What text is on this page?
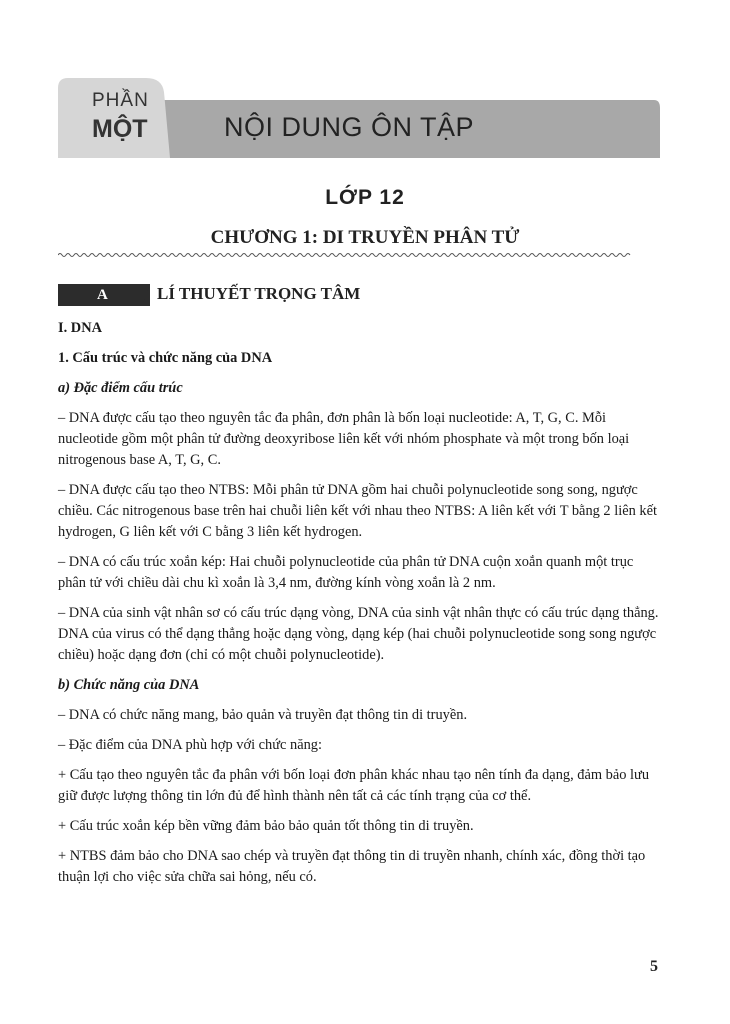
PHẦN
MỘT	NỘI DUNG ÔN TẬP
LỚP 12
CHƯƠNG 1: DI TRUYỀN PHÂN TỬ
A	LÍ THUYẾT TRỌNG TÂM

I. DNA

1. Cấu trúc và chức năng của DNA

a) Đặc điểm cấu trúc

– DNA được cấu tạo theo nguyên tắc đa phân, đơn phân là bốn loại nucleotide: A, T, G, C. Mỗi nucleotide gồm một phân tử đường deoxyribose liên kết với nhóm phosphate và một trong bốn loại nitrogenous base A, T, G, C.

– DNA được cấu tạo theo NTBS: Mỗi phân tử DNA gồm hai chuỗi polynucleotide song song, ngược chiều. Các nitrogenous base trên hai chuỗi liên kết với nhau theo NTBS: A liên kết với T bằng 2 liên kết hydrogen, G liên kết với C bằng 3 liên kết hydrogen.

– DNA có cấu trúc xoắn kép: Hai chuỗi polynucleotide của phân tử DNA cuộn xoắn quanh một trục phân tử với chiều dài chu kì xoắn là 3,4 nm, đường kính vòng xoắn là 2 nm.

– DNA của sinh vật nhân sơ có cấu trúc dạng vòng, DNA của sinh vật nhân thực có cấu trúc dạng thẳng. DNA của virus có thể dạng thẳng hoặc dạng vòng, dạng kép (hai chuỗi polynucleotide song song ngược chiều) hoặc dạng đơn (chỉ có một chuỗi polynucleotide).

b) Chức năng của DNA

– DNA có chức năng mang, bảo quản và truyền đạt thông tin di truyền.

– Đặc điểm của DNA phù hợp với chức năng:

+ Cấu tạo theo nguyên tắc đa phân với bốn loại đơn phân khác nhau tạo nên tính đa dạng, đảm bảo lưu giữ được lượng thông tin lớn đủ để hình thành nên tất cả các tính trạng của cơ thể.

+ Cấu trúc xoắn kép bền vững đảm bảo bảo quản tốt thông tin di truyền.

+ NTBS đảm bảo cho DNA sao chép và truyền đạt thông tin di truyền nhanh, chính xác, đồng thời tạo thuận lợi cho việc sửa chữa sai hỏng, nếu có.

5
